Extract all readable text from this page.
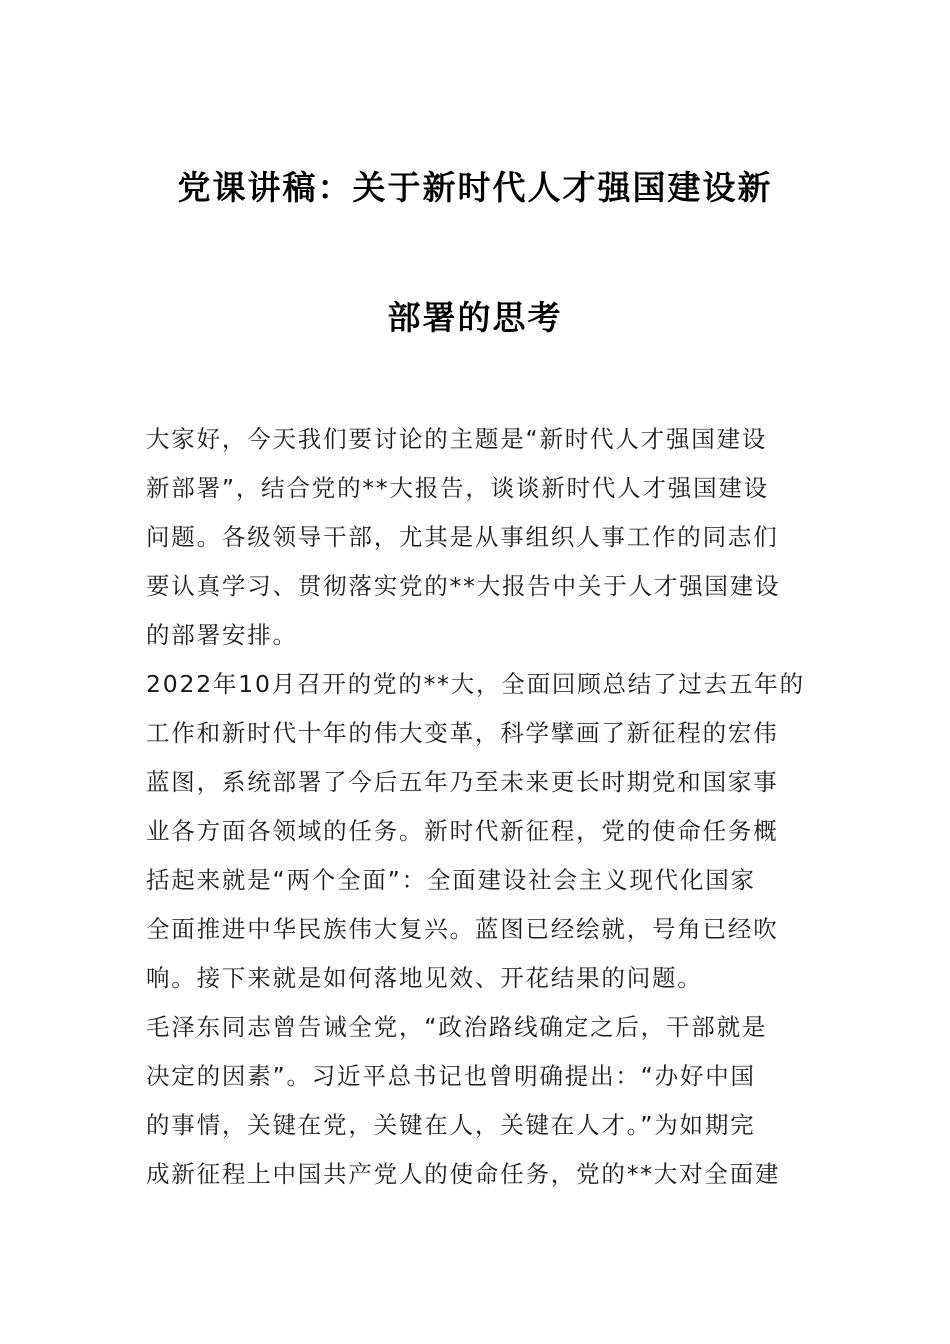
党课讲稿：关于新时代人才强国建设新
部署的思考
大家好，今天我们要讨论的主题是“新时代人才强国建设
新部署”，结合党的**大报告，谈谈新时代人才强国建设
问题。各级领导干部，尤其是从事组织人事工作的同志们
要认真学习、贯彻落实党的**大报告中关于人才强国建设
的部署安排。
2022年10月召开的党的**大，全面回顾总结了过去五年的
工作和新时代十年的伟大变革，科学擘画了新征程的宏伟
蓝图，系统部署了今后五年乃至未来更长时期党和国家事
业各方面各领域的任务。新时代新征程，党的使命任务概
括起来就是“两个全面”：全面建设社会主义现代化国家
全面推进中华民族伟大复兴。蓝图已经绘就，号角已经吹
响。接下来就是如何落地见效、开花结果的问题。
毛泽东同志曾告诫全党，“政治路线确定之后，干部就是
决定的因素”。习近平总书记也曾明确提出：“办好中国
的事情，关键在党，关键在人，关键在人才。”为如期完
成新征程上中国共产党人的使命任务，党的**大对全面建
